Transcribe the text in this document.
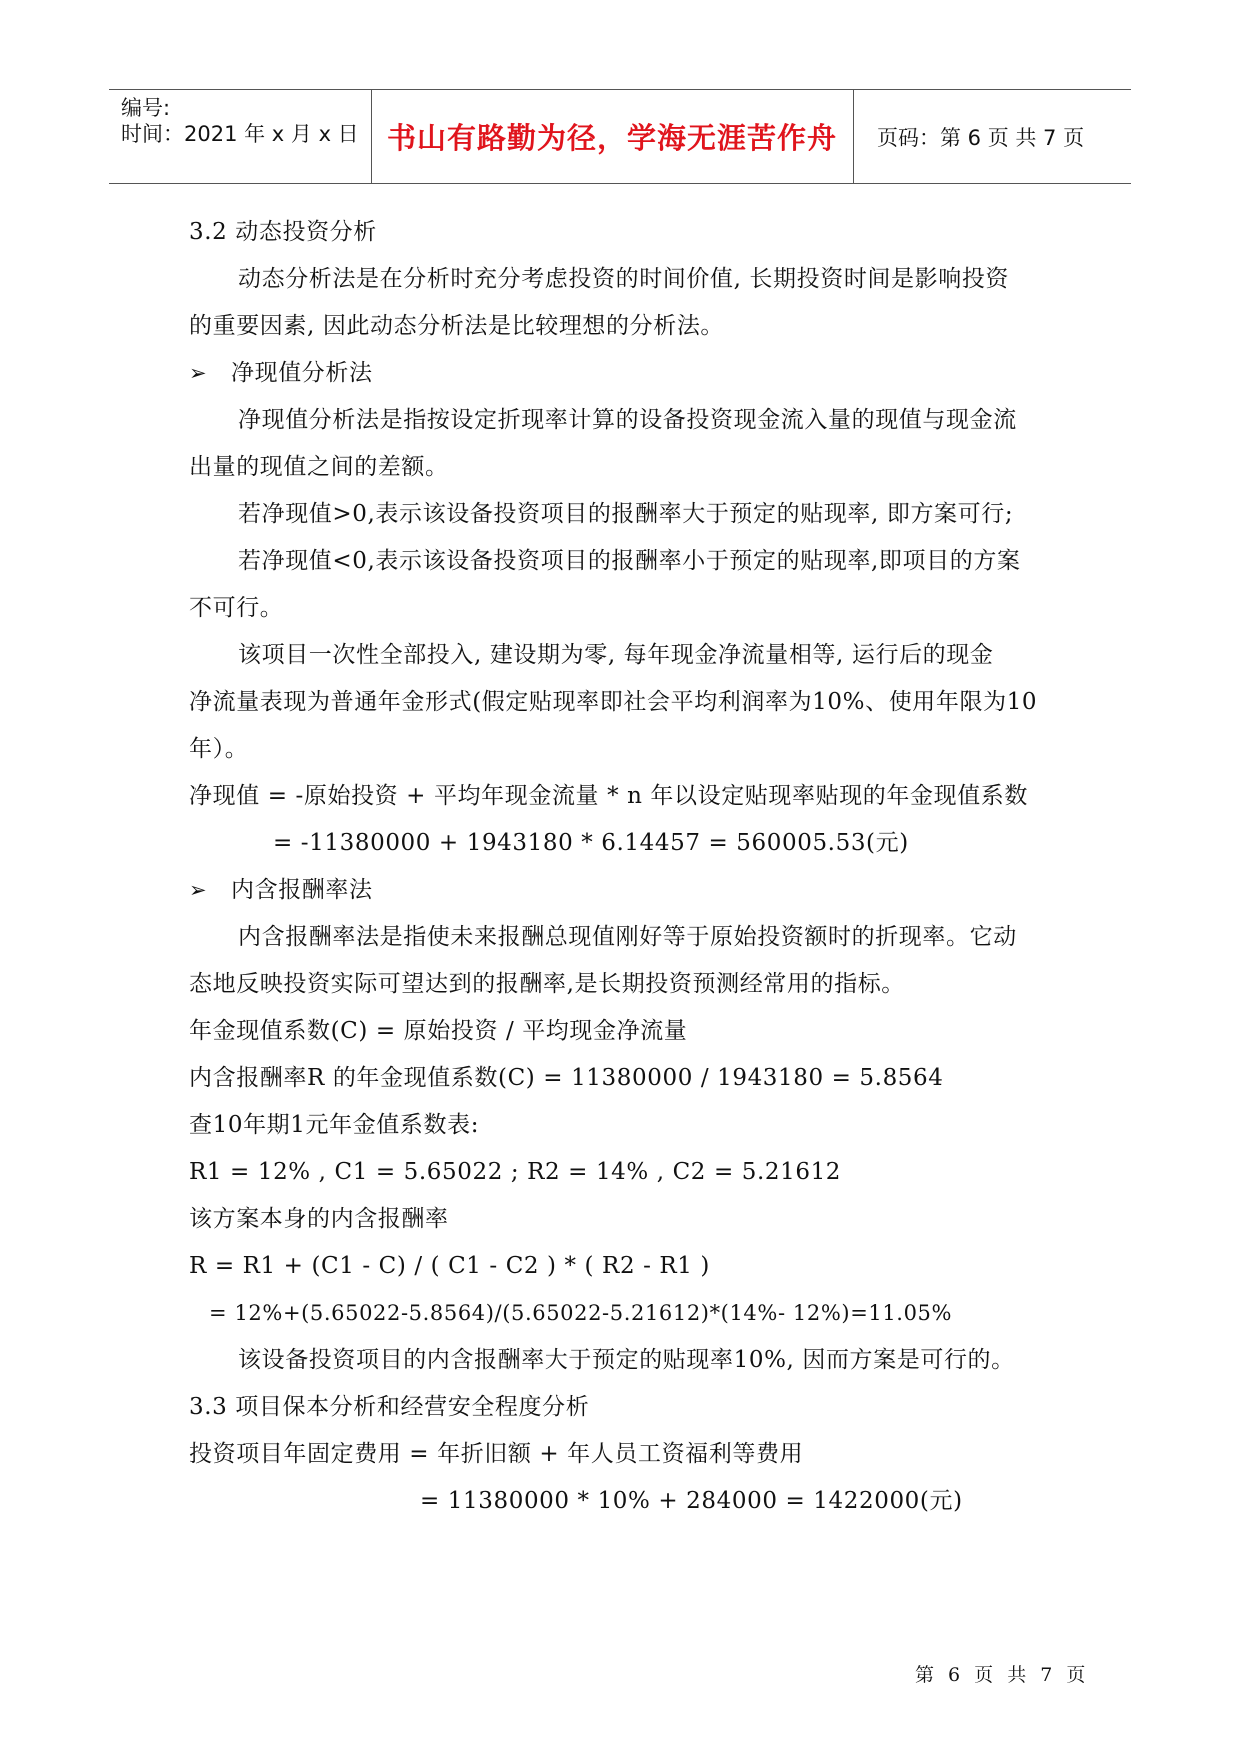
编号:
时间：2021 年 x 月 x 日 书山有路勤为径，学海无涯苦作舟	页码：第 6 页 共 7 页
3.2 动态投资分析
动态分析法是在分析时充分考虑投资的时间价值, 长期投资时间是影响投资
的重要因素, 因此动态分析法是比较理想的分析法。
➢ 净现值分析法
净现值分析法是指按设定折现率计算的设备投资现金流入量的现值与现金流
出量的现值之间的差额。
若净现值>0,表示该设备投资项目的报酬率大于预定的贴现率, 即方案可行;
若净现值<0,表示该设备投资项目的报酬率小于预定的贴现率,即项目的方案
不可行。
该项目一次性全部投入, 建设期为零, 每年现金净流量相等, 运行后的现金
净流量表现为普通年金形式(假定贴现率即社会平均利润率为10%、使用年限为10
年）。
净现值 = -原始投资 + 平均年现金流量 * n 年以设定贴现率贴现的年金现值系数
= -11380000 + 1943180 * 6.14457 = 560005.53(元)
➢ 内含报酬率法
内含报酬率法是指使未来报酬总现值刚好等于原始投资额时的折现率。它动
态地反映投资实际可望达到的报酬率,是长期投资预测经常用的指标。
年金现值系数(C) = 原始投资 / 平均现金净流量
内含报酬率R 的年金现值系数(C) = 11380000 / 1943180 = 5.8564
查10年期1元年金值系数表:
R1 = 12% , C1 = 5.65022 ; R2 = 14% , C2 = 5.21612
该方案本身的内含报酬率
R = R1 + (C1 - C) / ( C1 - C2 ) * ( R2 - R1 )
= 12%+(5.65022-5.8564)/(5.65022-5.21612)*(14%- 12%)=11.05%
该设备投资项目的内含报酬率大于预定的贴现率10%, 因而方案是可行的。
3.3 项目保本分析和经营安全程度分析
投资项目年固定费用 = 年折旧额 + 年人员工资福利等费用
= 11380000 * 10% + 284000 = 1422000(元)
第 6 页 共 7 页
